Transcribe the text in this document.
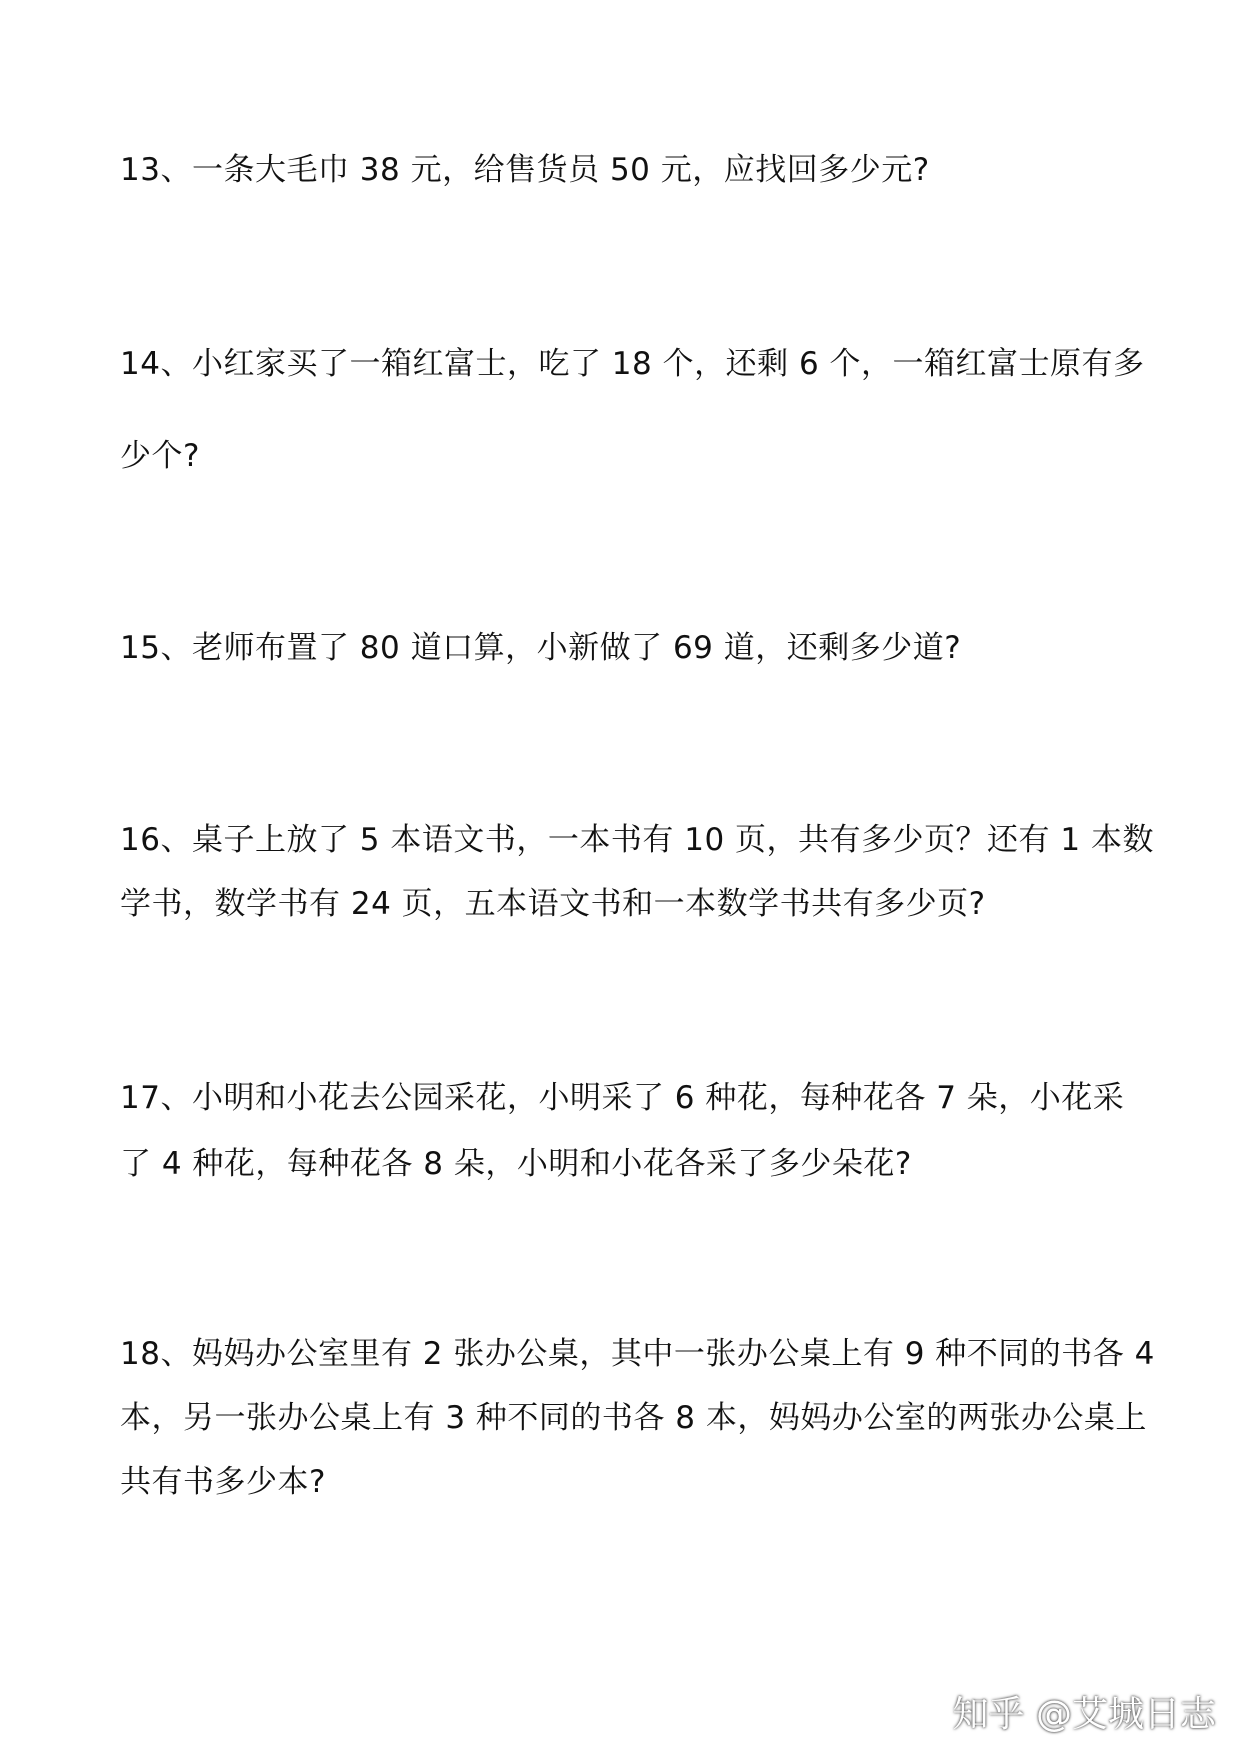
13、一条大毛巾 38 元，给售货员 50 元，应找回多少元?
14、小红家买了一箱红富士，吃了 18 个，还剩 6 个，一箱红富士原有多
少个?
15、老师布置了 80 道口算，小新做了 69 道，还剩多少道?
16、桌子上放了 5 本语文书，一本书有 10 页，共有多少页？还有 1 本数
学书，数学书有 24 页，五本语文书和一本数学书共有多少页?
17、小明和小花去公园采花，小明采了 6 种花，每种花各 7 朵，小花采
了 4 种花，每种花各 8 朵，小明和小花各采了多少朵花?
18、妈妈办公室里有 2 张办公桌，其中一张办公桌上有 9 种不同的书各 4
本，另一张办公桌上有 3 种不同的书各 8 本，妈妈办公室的两张办公桌上
共有书多少本?
知乎 @艾城日志
